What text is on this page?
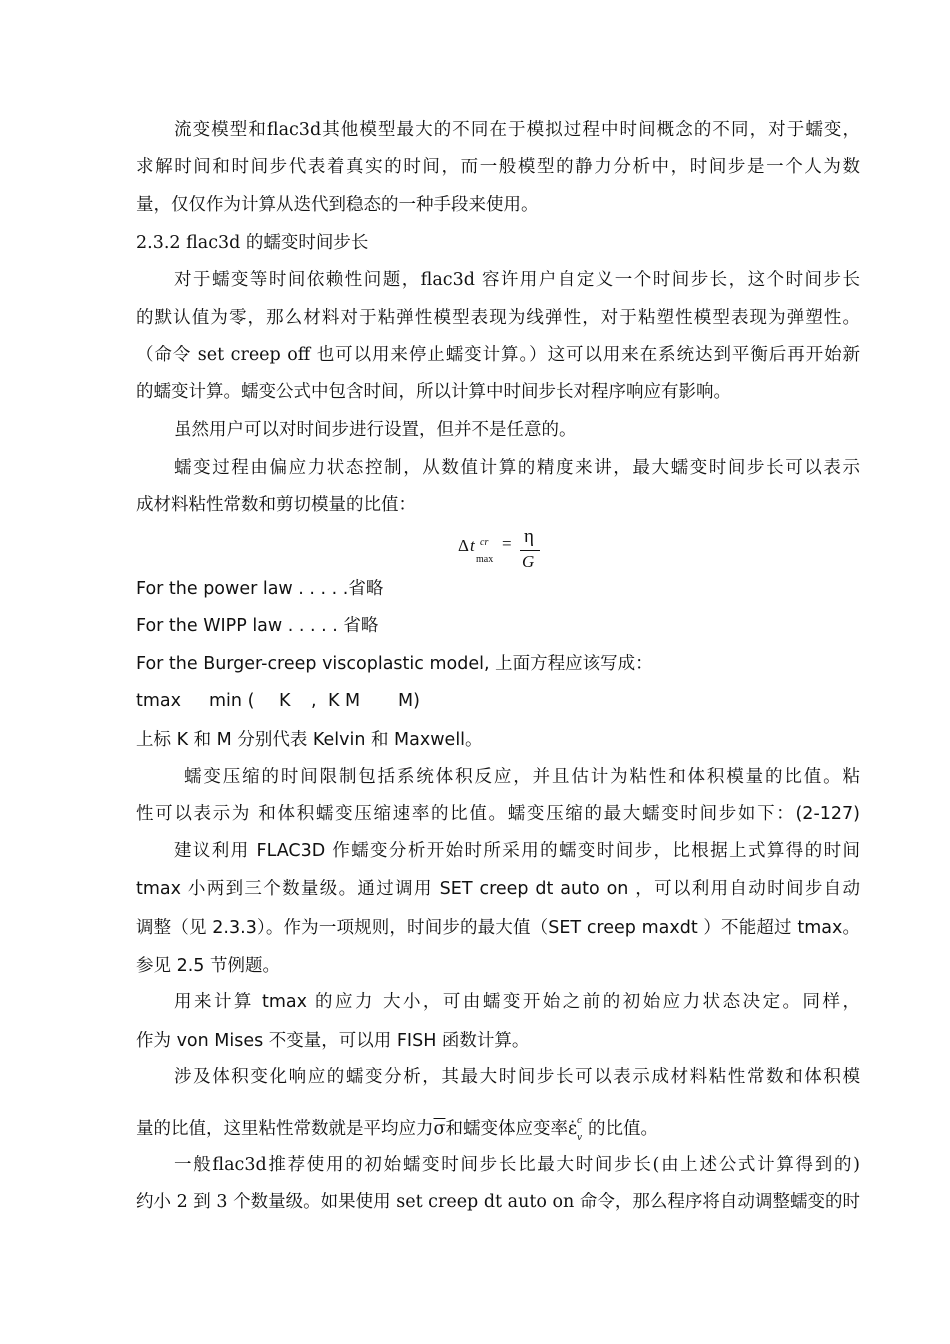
流变模型和flac3d其他模型最大的不同在于模拟过程中时间概念的不同，对于蠕变，
求解时间和时间步代表着真实的时间，而一般模型的静力分析中，时间步是一个人为数
量，仅仅作为计算从迭代到稳态的一种手段来使用。
2.3.2 flac3d 的蠕变时间步长
对于蠕变等时间依赖性问题，flac3d 容许用户自定义一个时间步长，这个时间步长
的默认值为零，那么材料对于粘弹性模型表现为线弹性，对于粘塑性模型表现为弹塑性。
（命令 set creep off 也可以用来停止蠕变计算。）这可以用来在系统达到平衡后再开始新
的蠕变计算。蠕变公式中包含时间，所以计算中时间步长对程序响应有影响。
虽然用户可以对时间步进行设置，但并不是任意的。
蠕变过程由偏应力状态控制，从数值计算的精度来讲，最大蠕变时间步长可以表示
成材料粘性常数和剪切模量的比值：
Δ t cr
max
= η
G
For the power law . . . . .省略
For the WIPP law . . . . . 省略
For the Burger-creep viscoplastic model, 上面方程应该写成：
tmax min ( K , K M M)
上标 K 和 M 分别代表 Kelvin 和 Maxwell。
蠕变压缩的时间限制包括系统体积反应，并且估计为粘性和体积模量的比值。粘
性可以表示为 和体积蠕变压缩速率的比值。蠕变压缩的最大蠕变时间步如下：(2-127)
建议利用 FLAC3D 作蠕变分析开始时所采用的蠕变时间步，比根据上式算得的时间
tmax 小两到三个数量级。通过调用 SET creep dt auto on ，可以利用自动时间步自动
调整（见 2.3.3）。作为一项规则，时间步的最大值（SET creep maxdt ）不能超过 tmax。
参见 2.5 节例题。
用来计算 tmax 的应力 大小，可由蠕变开始之前的初始应力状态决定。同样，
作为 von Mises 不变量，可以用 FISH 函数计算。
涉及体积变化响应的蠕变分析，其最大时间步长可以表示成材料粘性常数和体积模
量的比值，这里粘性常数就是平均应力$\overline{\sigma}$和蠕变体应变率ε̇ c
v 的比值。
一般flac3d推荐使用的初始蠕变时间步长比最大时间步长(由上述公式计算得到的)
约小 2 到 3 个数量级。如果使用 set creep dt auto on 命令，那么程序将自动调整蠕变的时
